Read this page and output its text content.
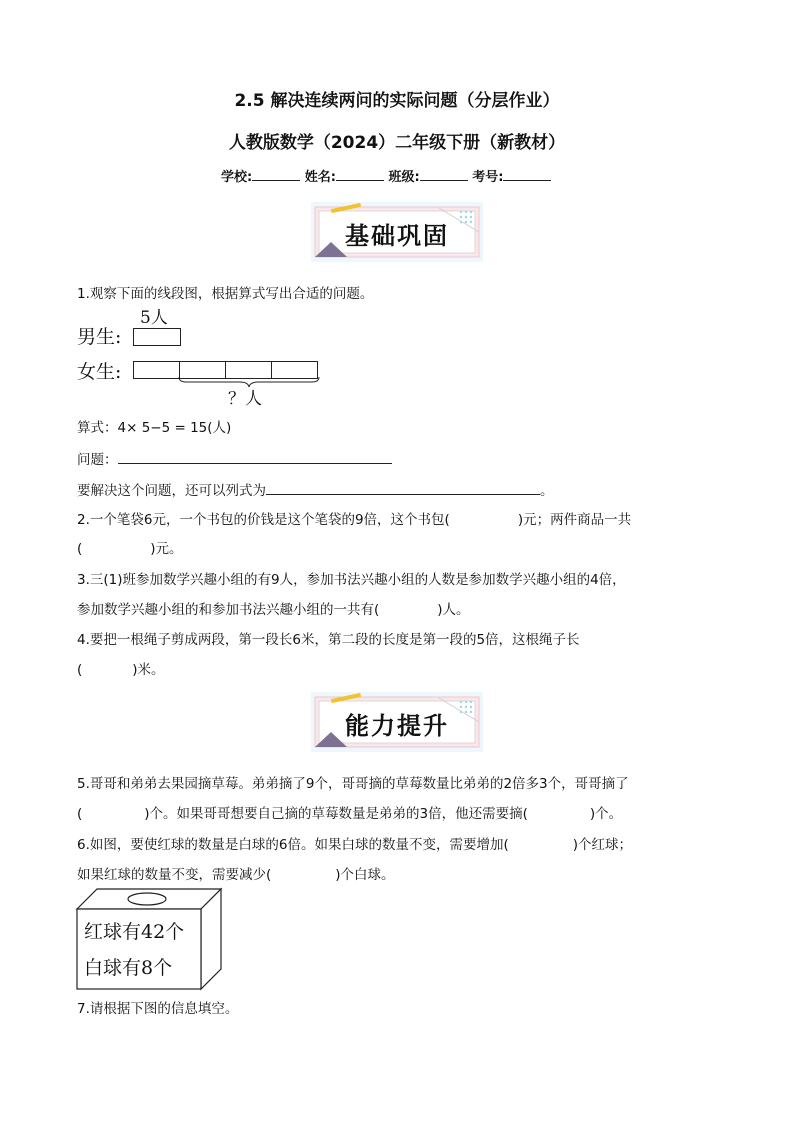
2.5 解决连续两问的实际问题（分层作业）
人教版数学（2024）二年级下册（新教材）
学校:	姓名:	班级:	考号:
基础巩固
1.观察下面的线段图，根据算式写出合适的问题。
5人
男生:
女生:
？人
算式：4× 5−5 = 15(人)
问题：
要解决这个问题，还可以列式为	。
2.一个笔袋6元，一个书包的价钱是这个笔袋的9倍，这个书包(	)元；两件商品一共
(	)元。
3.三(1)班参加数学兴趣小组的有9人，参加书法兴趣小组的人数是参加数学兴趣小组的4倍，
参加数学兴趣小组的和参加书法兴趣小组的一共有(	)人。
4.要把一根绳子剪成两段，第一段长6米，第二段的长度是第一段的5倍，这根绳子长
(	)米。
能力提升
5.哥哥和弟弟去果园摘草莓。弟弟摘了9个，哥哥摘的草莓数量比弟弟的2倍多3个，哥哥摘了
(	)个。如果哥哥想要自己摘的草莓数量是弟弟的3倍，他还需要摘(	)个。
6.如图，要使红球的数量是白球的6倍。如果白球的数量不变，需要增加(	)个红球；
如果红球的数量不变，需要减少(	)个白球。
红球有42个
白球有8个
7.请根据下图的信息填空。
